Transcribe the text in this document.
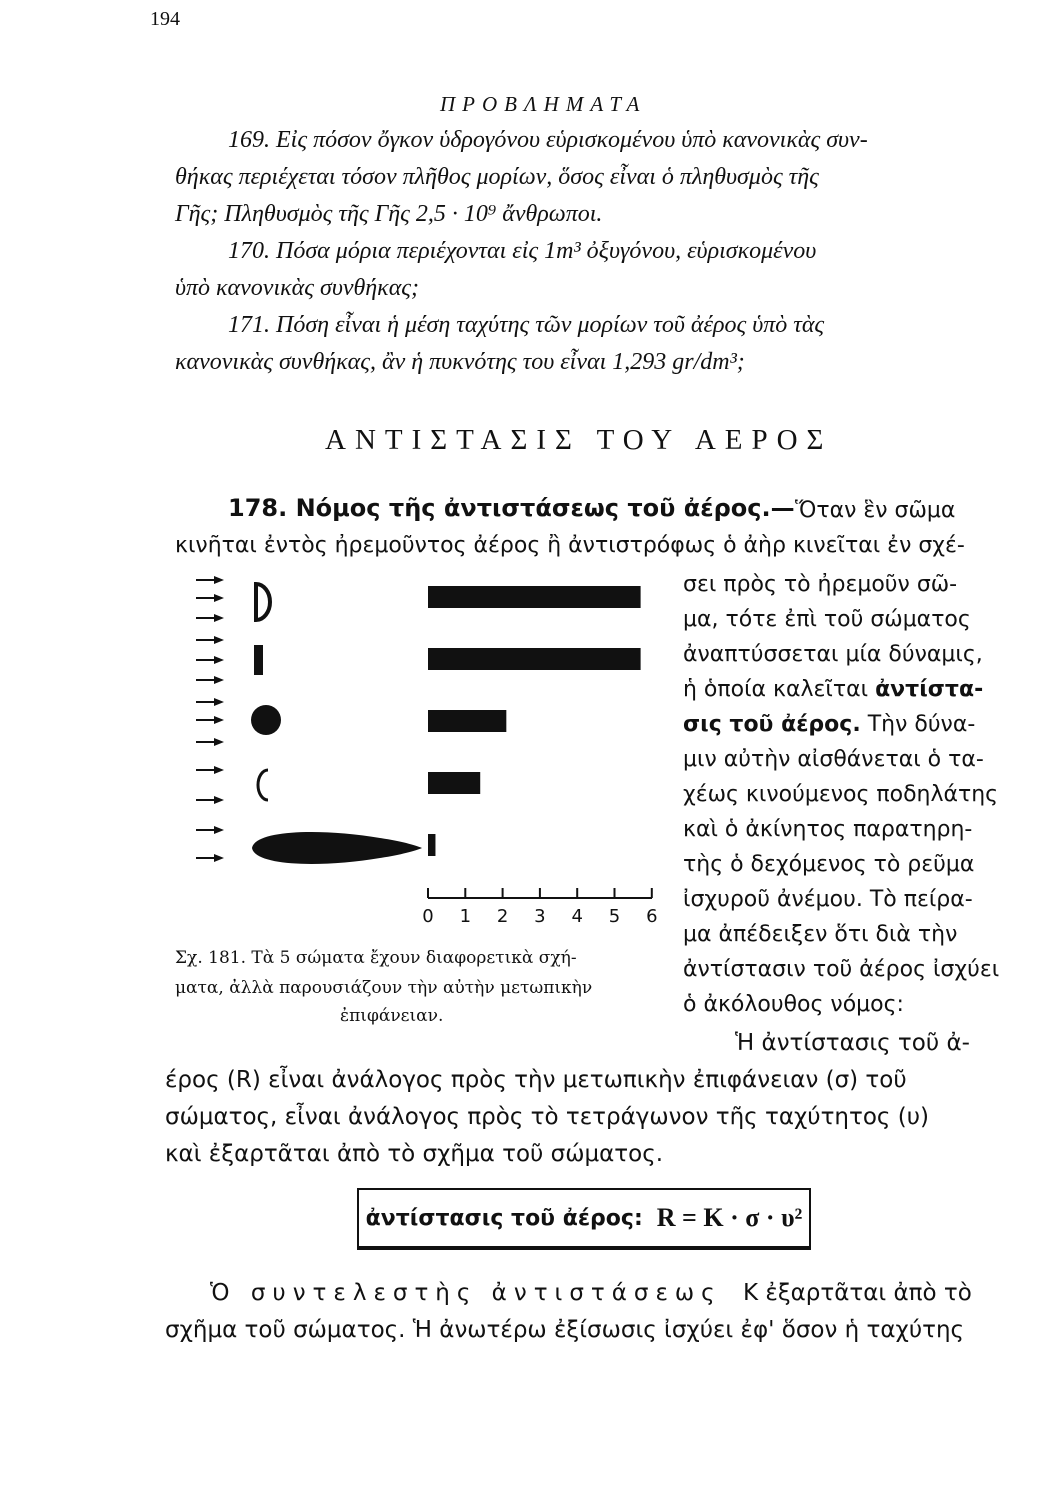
194
ΠΡΟΒΛΗΜΑΤΑ
169. Εἰς πόσον ὄγκον ὑδρογόνου εὑρισκομένου ὑπὸ κανονικὰς συν-
θήκας περιέχεται τόσον πλῆθος μορίων, ὅσος εἶναι ὁ πληθυσμὸς τῆς
Γῆς; Πληθυσμὸς τῆς Γῆς 2,5 · 10⁹ ἄνθρωποι.
170. Πόσα μόρια περιέχονται εἰς 1m³ ὀξυγόνου, εὑρισκομένου
ὑπὸ κανονικὰς συνθήκας;
171. Πόση εἶναι ἡ μέση ταχύτης τῶν μορίων τοῦ ἀέρος ὑπὸ τὰς
κανονικὰς συνθήκας, ἂν ἡ πυκνότης του εἶναι 1,293 gr/dm³;
ΑΝΤΙΣΤΑΣΙΣ ΤΟΥ ΑΕΡΟΣ
178. Νόμος τῆς ἀντιστάσεως τοῦ ἀέρος.— Ὅταν ἓν σῶμα
κινῆται ἐντὸς ἠρεμοῦντος ἀέρος ἢ ἀντιστρόφως ὁ ἀὴρ κινεῖται ἐν σχέ-
σει πρὸς τὸ ἠρεμοῦν σῶ-
μα, τότε ἐπὶ τοῦ σώματος
ἀναπτύσσεται μία δύναμις,
ἡ ὁποία καλεῖται ἀντίστα-
σις τοῦ ἀέρος. Τὴν δύνα-
μιν αὐτὴν αἰσθάνεται ὁ τα-
χέως κινούμενος ποδηλάτης
καὶ ὁ ἀκίνητος παρατηρη-
τὴς ὁ δεχόμενος τὸ ρεῦμα
ἰσχυροῦ ἀνέμου. Τὸ πείρα-
μα ἀπέδειξεν ὅτι διὰ τὴν
ἀντίστασιν τοῦ ἀέρος ἰσχύει
ὁ ἀκόλουθος νόμος:
0 1 2 3 4 5 6
Σχ. 181. Τὰ 5 σώματα ἔχουν διαφορετικὰ σχή-
ματα, ἀλλὰ παρουσιάζουν τὴν αὐτὴν μετωπικὴν
ἐπιφάνειαν.
Ἡ ἀντίστασις τοῦ ἀ-
έρος (R) εἶναι ἀνάλογος πρὸς τὴν μετωπικὴν ἐπιφάνειαν (σ) τοῦ
σώματος, εἶναι ἀνάλογος πρὸς τὸ τετράγωνον τῆς ταχύτητος (υ)
καὶ ἐξαρτᾶται ἀπὸ τὸ σχῆμα τοῦ σώματος.
ἀντίστασις τοῦ ἀέρος: R = K · σ · υ²
Ὁ συντελεστὴς ἀντιστάσεως K ἐξαρτᾶται ἀπὸ τὸ
σχῆμα τοῦ σώματος. Ἡ ἀνωτέρω ἐξίσωσις ἰσχύει ἐφ' ὅσον ἡ ταχύτης
